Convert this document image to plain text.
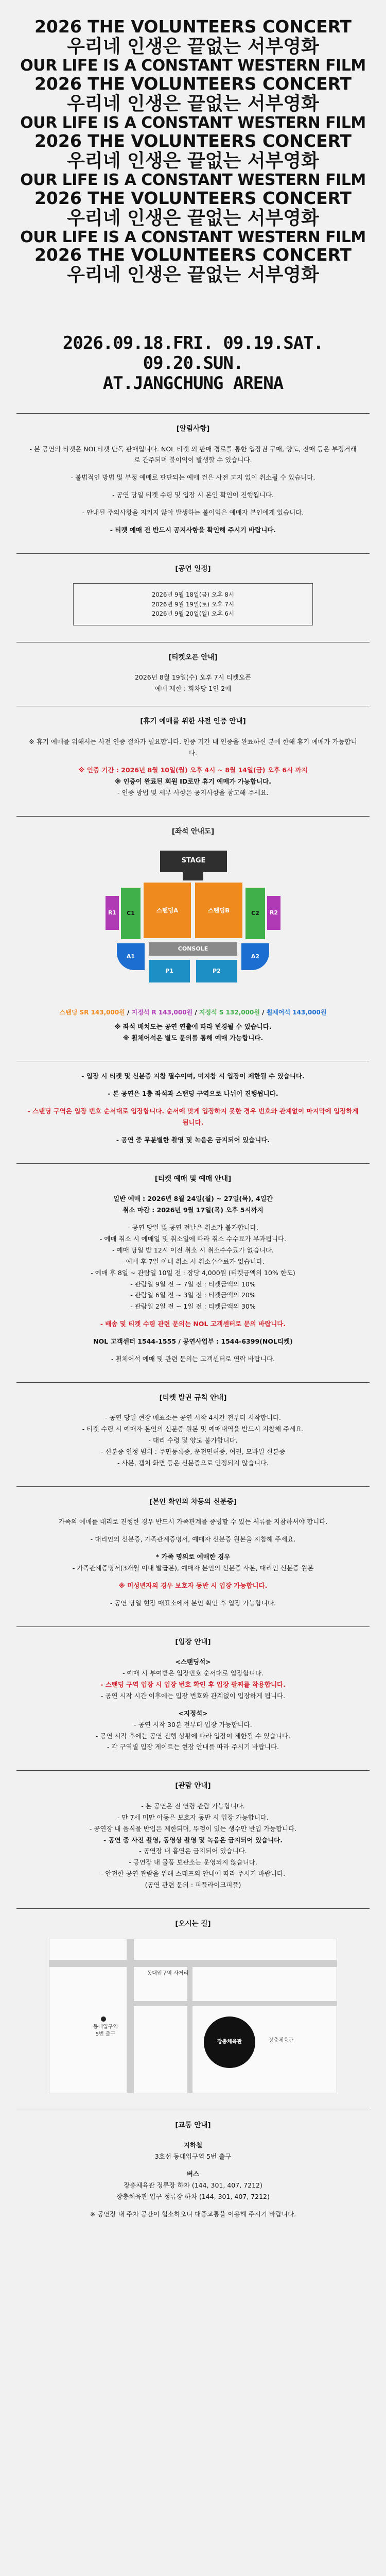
2026 THE VOLUNTEERS CONCERT
우리네 인생은 끝없는 서부영화
OUR LIFE IS A CONSTANT WESTERN FILM
2026 THE VOLUNTEERS CONCERT
우리네 인생은 끝없는 서부영화
OUR LIFE IS A CONSTANT WESTERN FILM
2026 THE VOLUNTEERS CONCERT
우리네 인생은 끝없는 서부영화
OUR LIFE IS A CONSTANT WESTERN FILM
2026 THE VOLUNTEERS CONCERT
우리네 인생은 끝없는 서부영화
OUR LIFE IS A CONSTANT WESTERN FILM
2026 THE VOLUNTEERS CONCERT
우리네 인생은 끝없는 서부영화
2026.09.18.FRI. 09.19.SAT. 09.20.SUN.
AT.JANGCHUNG ARENA
[알림사항]
- 본 공연의 티켓은 NOL티켓 단독 판매입니다. NOL 티켓 외 판매 경로를 통한 입장권 구매, 양도, 전매 등은 부정거래로 간주되며 불이익이 발생할 수 있습니다.
- 불법적인 방법 및 부정 예매로 판단되는 예매 건은 사전 고지 없이 취소될 수 있습니다.
- 공연 당일 티켓 수령 및 입장 시 본인 확인이 진행됩니다.
- 안내된 주의사항을 지키지 않아 발생하는 불이익은 예매자 본인에게 있습니다.
- 티켓 예매 전 반드시 공지사항을 확인해 주시기 바랍니다.
[공연 일정]
2026년 9월 18일(금) 오후 8시
2026년 9월 19일(토) 오후 7시
2026년 9월 20일(일) 오후 6시
[티켓오픈 안내]
2026년 8월 19일(수) 오후 7시 티켓오픈
예매 제한 : 회차당 1인 2매
[휴기 예매를 위한 사전 인증 안내]
※ 휴기 예매를 위해서는 사전 인증 절차가 필요합니다. 인증 기간 내 인증을 완료하신 분에 한해 휴기 예매가 가능합니다.
※ 인증 기간 : 2026년 8월 10일(월) 오후 4시 ~ 8월 14일(금) 오후 6시 까지
※ 인증이 완료된 회원 ID로만 휴기 예매가 가능합니다.
- 인증 방법 및 세부 사항은 공지사항을 참고해 주세요.
[좌석 안내도]
STAGE
스탠딩A	스탠딩B
CONSOLE
R1	R2
C1	C2
A1	A2
P1	P2
스탠딩 SR 143,000원 / 지정석 R 143,000원 / 지정석 S 132,000원 / 휠체어석 143,000원
※ 좌석 배치도는 공연 연출에 따라 변경될 수 있습니다.
※ 휠체어석은 별도 문의를 통해 예매 가능합니다.
- 입장 시 티켓 및 신분증 지참 필수이며, 미지참 시 입장이 제한될 수 있습니다.
- 본 공연은 1층 좌석과 스탠딩 구역으로 나뉘어 진행됩니다.
- 스탠딩 구역은 입장 번호 순서대로 입장합니다. 순서에 맞게 입장하지 못한 경우 번호와 관계없이 마지막에 입장하게 됩니다.
- 공연 중 무분별한 촬영 및 녹음은 금지되어 있습니다.
[티켓 예매 및 예매 안내]
일반 예매 : 2026년 8월 24일(월) ~ 27일(목), 4일간
취소 마감 : 2026년 9월 17일(목) 오후 5시까지
- 공연 당일 및 공연 전날은 취소가 불가합니다.
- 예매 취소 시 예매일 및 취소일에 따라 취소 수수료가 부과됩니다.
- 예매 당일 밤 12시 이전 취소 시 취소수수료가 없습니다.
- 예매 후 7일 이내 취소 시 취소수수료가 없습니다.
- 예매 후 8일 ~ 관람일 10일 전 : 장당 4,000원 (티켓금액의 10% 한도)
- 관람일 9일 전 ~ 7일 전 : 티켓금액의 10%
- 관람일 6일 전 ~ 3일 전 : 티켓금액의 20%
- 관람일 2일 전 ~ 1일 전 : 티켓금액의 30%
- 배송 및 티켓 수령 관련 문의는 NOL 고객센터로 문의 바랍니다.
NOL 고객센터 1544-1555 / 공연사업부 : 1544-6399(NOL티켓)
- 휠체어석 예매 및 관련 문의는 고객센터로 연락 바랍니다.
[티켓 발권 규칙 안내]
- 공연 당일 현장 매표소는 공연 시작 4시간 전부터 시작합니다.
- 티켓 수령 시 예매자 본인의 신분증 원본 및 예매내역을 반드시 지참해 주세요.
- 대리 수령 및 양도 불가합니다.
- 신분증 인정 범위 : 주민등록증, 운전면허증, 여권, 모바일 신분증
- 사본, 캡처 화면 등은 신분증으로 인정되지 않습니다.
[본인 확인의 차등의 신분증]
가족의 예매를 대리로 진행한 경우 반드시 가족관계를 증빙할 수 있는 서류를 지참하셔야 합니다.
- 대리인의 신분증, 가족관계증명서, 예매자 신분증 원본을 지참해 주세요.
* 가족 명의로 예매한 경우
- 가족관계증명서(3개월 이내 발급본), 예매자 본인의 신분증 사본, 대리인 신분증 원본
※ 미성년자의 경우 보호자 동반 시 입장 가능합니다.
- 공연 당일 현장 매표소에서 본인 확인 후 입장 가능합니다.
[입장 안내]
<스탠딩석>
- 예매 시 부여받은 입장번호 순서대로 입장합니다.
- 스탠딩 구역 입장 시 입장 번호 확인 후 입장 팔찌를 착용합니다.
- 공연 시작 시간 이후에는 입장 번호와 관계없이 입장하게 됩니다.
<지정석>
- 공연 시작 30분 전부터 입장 가능합니다.
- 공연 시작 후에는 공연 진행 상황에 따라 입장이 제한될 수 있습니다.
- 각 구역별 입장 게이트는 현장 안내를 따라 주시기 바랍니다.
[관람 안내]
- 본 공연은 전 연령 관람 가능합니다.
- 만 7세 미만 아동은 보호자 동반 시 입장 가능합니다.
- 공연장 내 음식물 반입은 제한되며, 뚜껑이 있는 생수만 반입 가능합니다.
- 공연 중 사진 촬영, 동영상 촬영 및 녹음은 금지되어 있습니다.
- 공연장 내 흡연은 금지되어 있습니다.
- 공연장 내 물품 보관소는 운영되지 않습니다.
- 안전한 공연 관람을 위해 스태프의 안내에 따라 주시기 바랍니다.
(공연 관련 문의 : 피플라이크피플)
[오시는 길]
동대입구역
5번 출구
동대입구역 사거리
장충체육관	장충체육관
[교통 안내]
지하철
3호선 동대입구역 5번 출구
버스
장충체육관 정류장 하차 (144, 301, 407, 7212)
장충체육관 입구 정류장 하차 (144, 301, 407, 7212)
※ 공연장 내 주차 공간이 협소하오니 대중교통을 이용해 주시기 바랍니다.
